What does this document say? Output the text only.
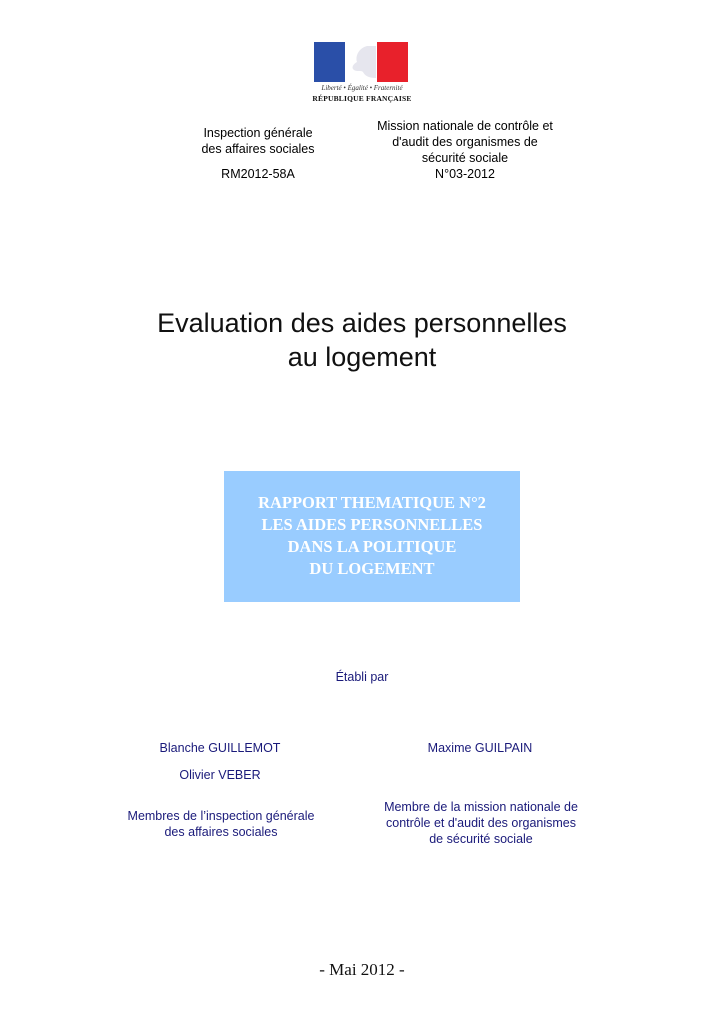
Liberté • Égalité • Fraternité
RÉPUBLIQUE FRANÇAISE
Inspection générale
des affaires sociales
RM2012-58A
Mission nationale de contrôle et
d'audit des organismes de
sécurité sociale
N°03-2012
Evaluation des aides personnelles
au logement
RAPPORT THEMATIQUE N°2
LES AIDES PERSONNELLES
DANS LA POLITIQUE
DU LOGEMENT
Établi par
Blanche GUILLEMOT
Olivier VEBER
Maxime GUILPAIN
Membres de l’inspection générale
des affaires sociales
Membre de la mission nationale de
contrôle et d'audit des organismes
de sécurité sociale
- Mai 2012 -
